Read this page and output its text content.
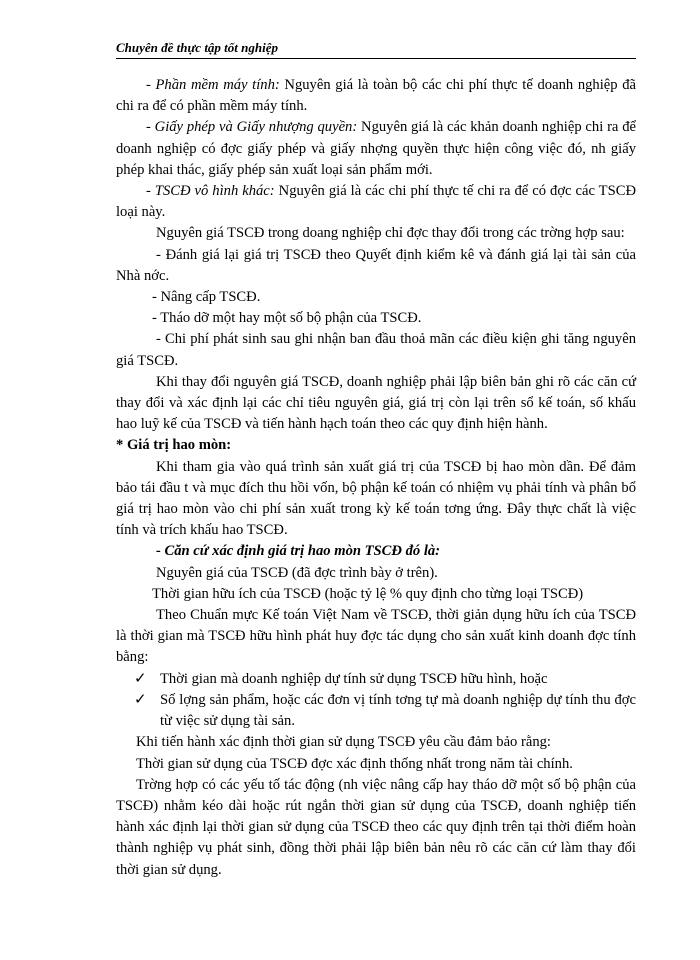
Chuyên đề thực tập tốt nghiệp

- Phần mềm máy tính: Nguyên giá là toàn bộ các chi phí thực tế doanh nghiệp đã chi ra để có phần mềm máy tính.

- Giấy phép và Giấy nhượng quyền: Nguyên giá là các khản doanh nghiệp chi ra để doanh nghiệp có đợc giấy phép và giấy nhợng quyền thực hiện công việc đó, nh giấy phép khai thác, giấy phép sản xuất loại sản phẩm mới.

- TSCĐ vô hình khác: Nguyên giá là các chi phí thực tế chi ra để có đợc các TSCĐ loại này.

Nguyên giá TSCĐ trong doang nghiệp chỉ đợc thay đổi trong các trờng hợp sau:

- Đánh giá lại giá trị TSCĐ theo Quyết định kiểm kê và đánh giá lại tài sản của Nhà nớc.

- Nâng cấp TSCĐ.

- Tháo dỡ một hay một số bộ phận của TSCĐ.

- Chi phí phát sinh sau ghi nhận ban đầu thoả mãn các điều kiện ghi tăng nguyên giá TSCĐ.

Khi thay đổi nguyên giá TSCĐ, doanh nghiệp phải lập biên bản ghi rõ các căn cứ thay đổi và xác định lại các chỉ tiêu nguyên giá, giá trị còn lại trên sổ kế toán, số khấu hao luỹ kế của TSCĐ và tiến hành hạch toán theo các quy định hiện hành.

* Giá trị hao mòn:

Khi tham gia vào quá trình sản xuất giá trị của TSCĐ bị hao mòn dần. Để đảm bảo tái đầu t và mục đích thu hồi vốn, bộ phận kế toán có nhiệm vụ phải tính và phân bổ giá trị hao mòn vào chi phí sản xuất trong kỳ kế toán tơng ứng. Đây thực chất là việc tính và trích khấu hao TSCĐ.

- Căn cứ xác định giá trị hao mòn TSCĐ đó là:

Nguyên giá của TSCĐ (đã đợc trình bày ở trên).

Thời gian hữu ích của TSCĐ (hoặc tỷ lệ % quy định cho từng loại TSCĐ)

Theo Chuẩn mực Kế toán Việt Nam về TSCĐ, thời giản dụng hữu ích của TSCĐ là thời gian mà TSCĐ hữu hình phát huy đợc tác dụng cho sản xuất kinh doanh đợc tính bằng:

✓ Thời gian mà doanh nghiệp dự tính sử dụng TSCĐ hữu hình, hoặc
✓ Số lợng sản phẩm, hoặc các đơn vị tính tơng tự mà doanh nghiệp dự tính thu đợc từ việc sử dụng tài sản.

Khi tiến hành xác định thời gian sử dụng TSCĐ yêu cầu đảm bảo rằng:

Thời gian sử dụng của TSCĐ đợc xác định thống nhất trong năm tài chính.

Trờng hợp có các yếu tố tác động (nh việc nâng cấp hay tháo dỡ một số bộ phận của TSCĐ) nhằm kéo dài hoặc rút ngắn thời gian sử dụng của TSCĐ, doanh nghiệp tiến hành xác định lại thời gian sử dụng của TSCĐ theo các quy định trên tại thời điểm hoàn thành nghiệp vụ phát sinh, đồng thời phải lập biên bản nêu rõ các căn cứ làm thay đổi thời gian sử dụng.
